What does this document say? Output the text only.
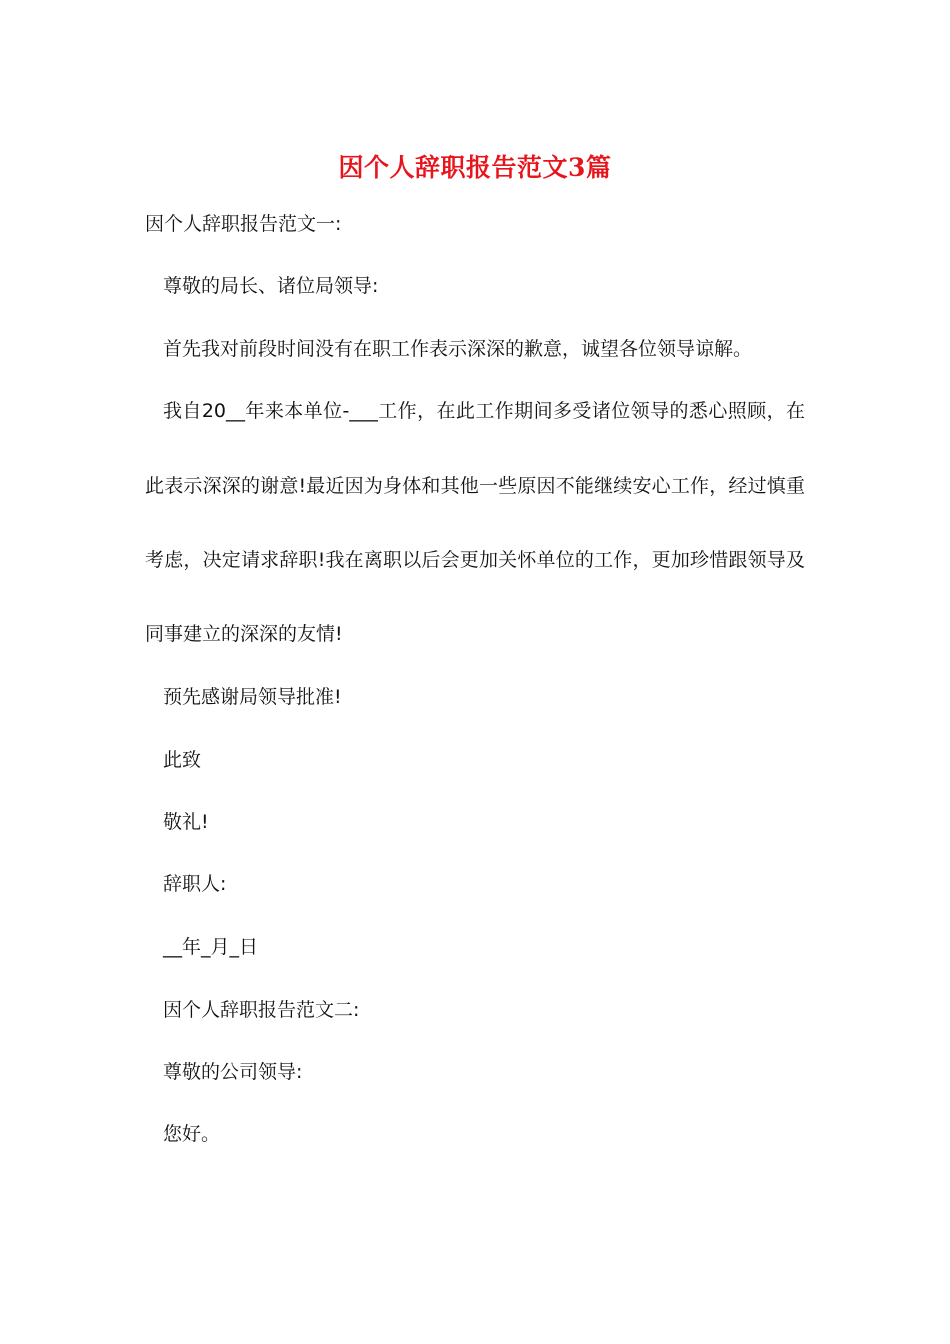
因个人辞职报告范文3篇
因个人辞职报告范文一:
尊敬的局长、诸位局领导:
首先我对前段时间没有在职工作表示深深的歉意，诚望各位领导谅解。
我自20__年来本单位-___工作，在此工作期间多受诸位领导的悉心照顾，在
此表示深深的谢意!最近因为身体和其他一些原因不能继续安心工作，经过慎重
考虑，决定请求辞职!我在离职以后会更加关怀单位的工作，更加珍惜跟领导及
同事建立的深深的友情!
预先感谢局领导批准!
此致
敬礼!
辞职人:
__年_月_日
因个人辞职报告范文二:
尊敬的公司领导:
您好。
